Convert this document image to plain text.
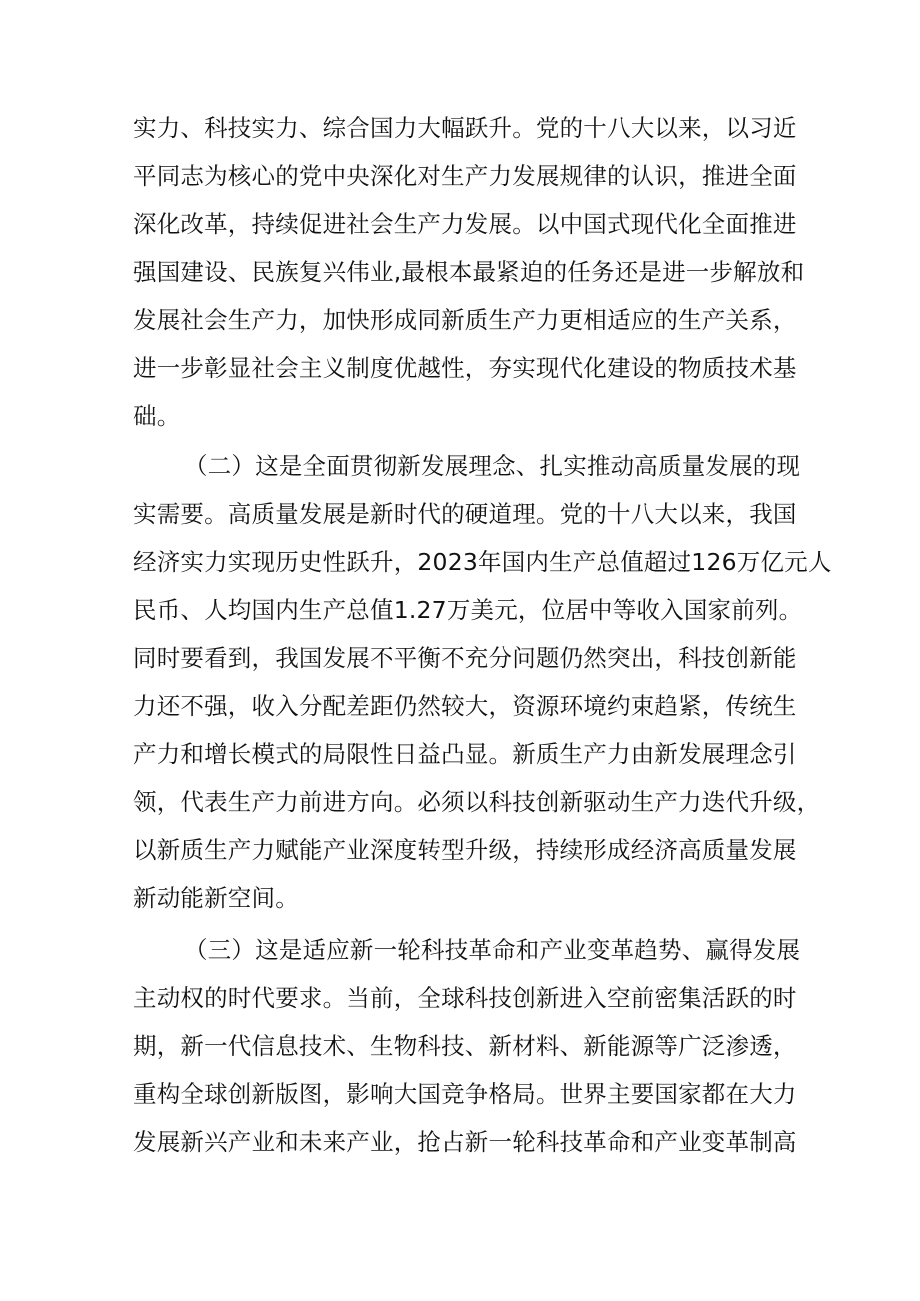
实力、科技实力、综合国力大幅跃升。党的十八大以来，以习近
平同志为核心的党中央深化对生产力发展规律的认识，推进全面
深化改革，持续促进社会生产力发展。以中国式现代化全面推进
强国建设、民族复兴伟业,最根本最紧迫的任务还是进一步解放和
发展社会生产力，加快形成同新质生产力更相适应的生产关系，
进一步彰显社会主义制度优越性，夯实现代化建设的物质技术基
础。
（二）这是全面贯彻新发展理念、扎实推动高质量发展的现
实需要。高质量发展是新时代的硬道理。党的十八大以来，我国
经济实力实现历史性跃升，2023年国内生产总值超过126万亿元人
民币、人均国内生产总值1.27万美元，位居中等收入国家前列。
同时要看到，我国发展不平衡不充分问题仍然突出，科技创新能
力还不强，收入分配差距仍然较大，资源环境约束趋紧，传统生
产力和增长模式的局限性日益凸显。新质生产力由新发展理念引
领，代表生产力前进方向。必须以科技创新驱动生产力迭代升级，
以新质生产力赋能产业深度转型升级，持续形成经济高质量发展
新动能新空间。
（三）这是适应新一轮科技革命和产业变革趋势、赢得发展
主动权的时代要求。当前，全球科技创新进入空前密集活跃的时
期，新一代信息技术、生物科技、新材料、新能源等广泛渗透，
重构全球创新版图，影响大国竞争格局。世界主要国家都在大力
发展新兴产业和未来产业，抢占新一轮科技革命和产业变革制高
